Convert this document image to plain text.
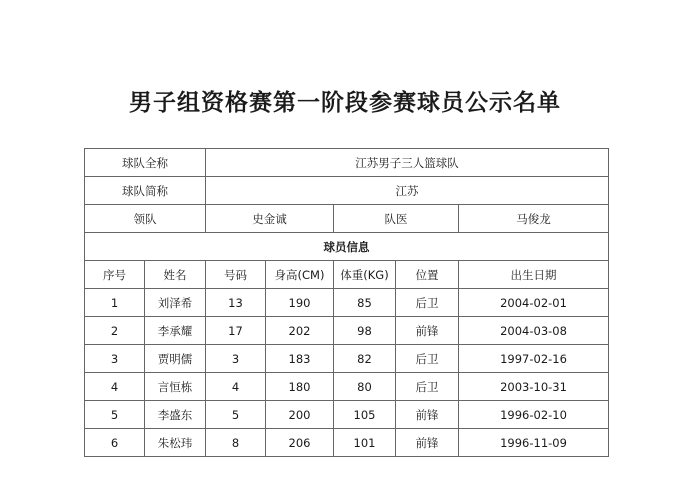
男子组资格赛第一阶段参赛球员公示名单
球队全称		江苏男子三人篮球队				
球队简称		江苏				
领队		史金诚		队医		马俊龙
球员信息						
序号	姓名	号码	身高(CM)	体重(KG)	位置	出生日期
1	刘泽希	13	190	85	后卫	2004-02-01
2	李承耀	17	202	98	前锋	2004-03-08
3	贾明儒	3	183	82	后卫	1997-02-16
4	言恒栋	4	180	80	后卫	2003-10-31
5	李盛东	5	200	105	前锋	1996-02-10
6	朱松玮	8	206	101	前锋	1996-11-09
